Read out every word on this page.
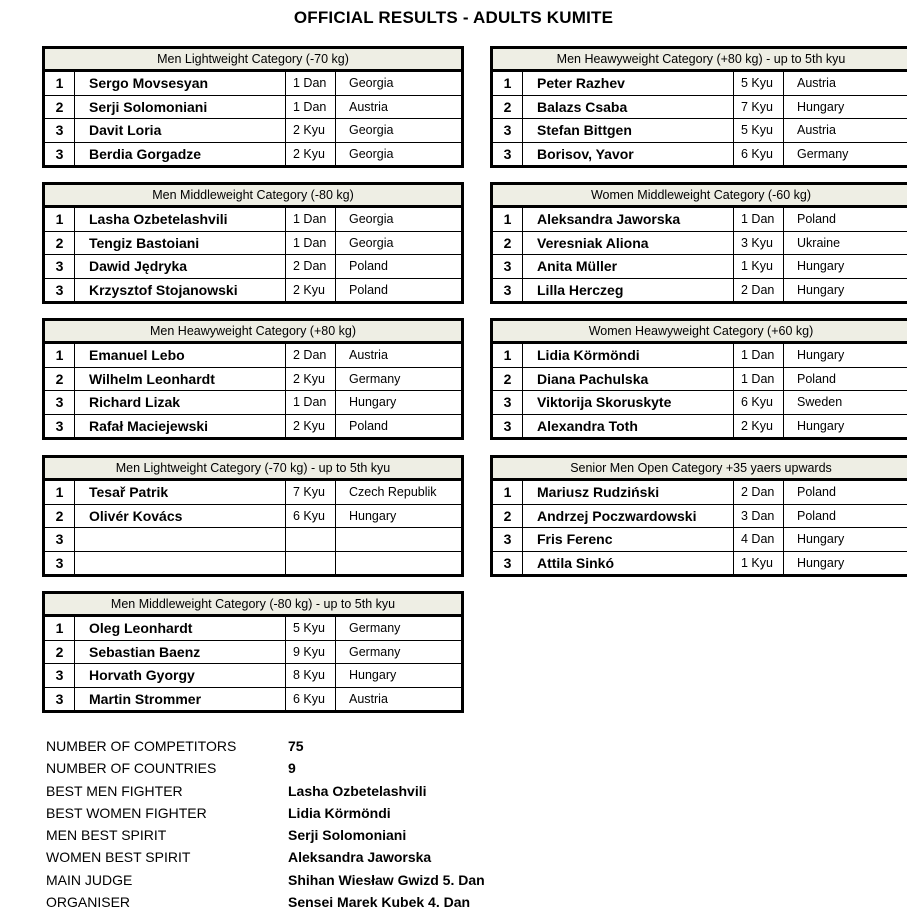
OFFICIAL RESULTS - ADULTS KUMITE
Men Lightweight Category (-70 kg)
1	Sergo Movsesyan	1 Dan	Georgia
2	Serji Solomoniani	1 Dan	Austria
3	Davit Loria	2 Kyu	Georgia
3	Berdia Gorgadze	2 Kyu	Georgia
Men Heawyweight Category (+80 kg) - up to 5th kyu
1	Peter Razhev	5 Kyu	Austria
2	Balazs Csaba	7 Kyu	Hungary
3	Stefan Bittgen	5 Kyu	Austria
3	Borisov, Yavor	6 Kyu	Germany
Men Middleweight Category (-80 kg)
1	Lasha Ozbetelashvili	1 Dan	Georgia
2	Tengiz Bastoiani	1 Dan	Georgia
3	Dawid Jędryka	2 Dan	Poland
3	Krzysztof Stojanowski	2 Kyu	Poland
Women Middleweight Category (-60 kg)
1	Aleksandra Jaworska	1 Dan	Poland
2	Veresniak Aliona	3 Kyu	Ukraine
3	Anita Müller	1 Kyu	Hungary
3	Lilla Herczeg	2 Dan	Hungary
Men Heawyweight Category (+80 kg)
1	Emanuel Lebo	2 Dan	Austria
2	Wilhelm Leonhardt	2 Kyu	Germany
3	Richard Lizak	1 Dan	Hungary
3	Rafał Maciejewski	2 Kyu	Poland
Women Heawyweight Category (+60 kg)
1	Lidia Körmöndi	1 Dan	Hungary
2	Diana Pachulska	1 Dan	Poland
3	Viktorija Skoruskyte	6 Kyu	Sweden
3	Alexandra Toth	2 Kyu	Hungary
Men Lightweight Category (-70 kg) - up to 5th kyu
1	Tesař Patrik	7 Kyu	Czech Republik
2	Olivér Kovács	6 Kyu	Hungary
3
3
Senior Men Open Category +35 yaers upwards
1	Mariusz Rudziński	2 Dan	Poland
2	Andrzej Poczwardowski	3 Dan	Poland
3	Fris Ferenc	4 Dan	Hungary
3	Attila Sinkó	1 Kyu	Hungary
Men Middleweight Category (-80 kg) - up to 5th kyu
1	Oleg Leonhardt	5 Kyu	Germany
2	Sebastian Baenz	9 Kyu	Germany
3	Horvath Gyorgy	8 Kyu	Hungary
3	Martin Strommer	6 Kyu	Austria
NUMBER OF COMPETITORS	75
NUMBER OF COUNTRIES	9
BEST MEN FIGHTER	Lasha Ozbetelashvili
BEST WOMEN FIGHTER	Lidia Körmöndi
MEN BEST SPIRIT	Serji Solomoniani
WOMEN BEST SPIRIT	Aleksandra Jaworska
MAIN JUDGE	Shihan Wiesław Gwizd 5. Dan
ORGANISER	Sensei Marek Kubek 4. Dan
